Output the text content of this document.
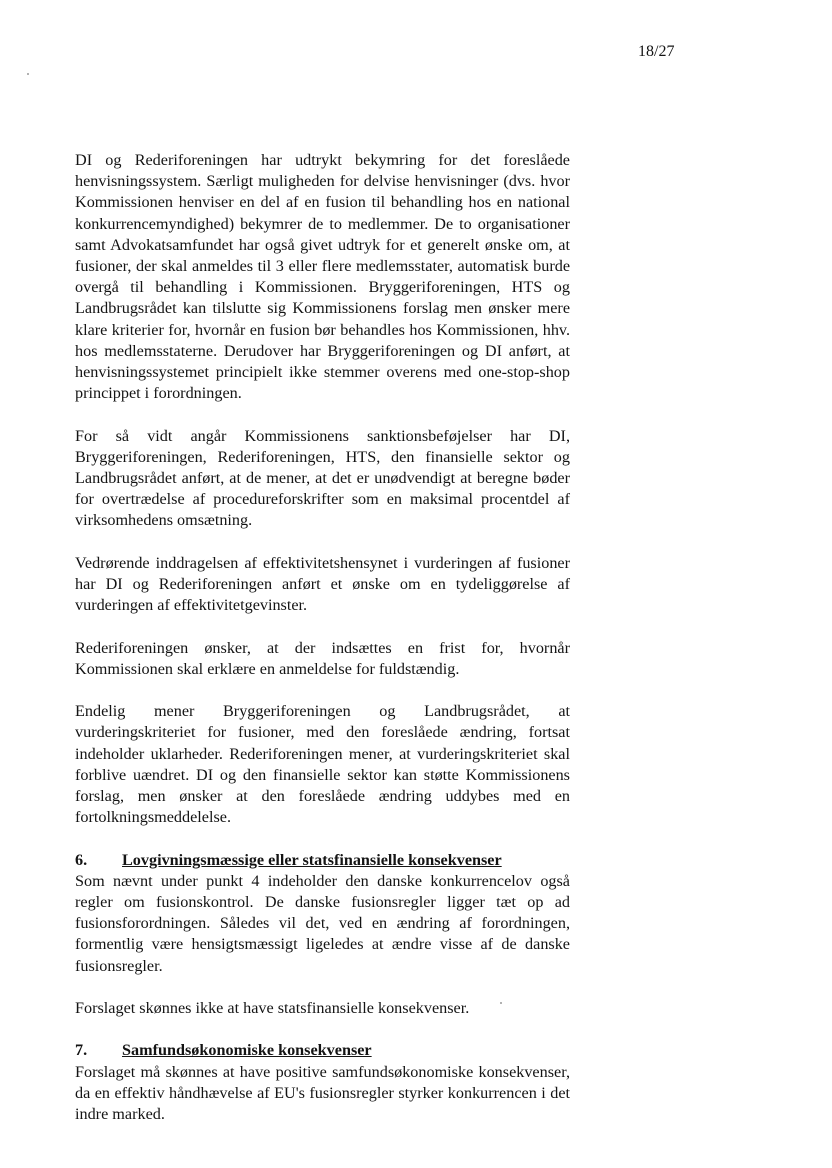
18/27

DI og Rederiforeningen har udtrykt bekymring for det foreslåede henvisningssystem. Særligt muligheden for delvise henvisninger (dvs. hvor Kommissionen henviser en del af en fusion til behandling hos en national konkurrencemyndighed) bekymrer de to medlemmer. De to organisationer samt Advokatsamfundet har også givet udtryk for et generelt ønske om, at fusioner, der skal anmeldes til 3 eller flere medlemsstater, automatisk burde overgå til behandling i Kommissionen. Bryggeriforeningen, HTS og Landbrugsrådet kan tilslutte sig Kommissionens forslag men ønsker mere klare kriterier for, hvornår en fusion bør behandles hos Kommissionen, hhv. hos medlemsstaterne. Derudover har Bryggeriforeningen og DI anført, at henvisningssystemet principielt ikke stemmer overens med one-stop-shop princippet i forordningen.

For så vidt angår Kommissionens sanktionsbeføjelser har DI, Bryggeriforeningen, Rederiforeningen, HTS, den finansielle sektor og Landbrugsrådet anført, at de mener, at det er unødvendigt at beregne bøder for overtrædelse af procedureforskrifter som en maksimal procentdel af virksomhedens omsætning.

Vedrørende inddragelsen af effektivitetshensynet i vurderingen af fusioner har DI og Rederiforeningen anført et ønske om en tydeliggørelse af vurderingen af effektivitetgevinster.

Rederiforeningen ønsker, at der indsættes en frist for, hvornår Kommissionen skal erklære en anmeldelse for fuldstændig.

Endelig mener Bryggeriforeningen og Landbrugsrådet, at vurderingskriteriet for fusioner, med den foreslåede ændring, fortsat indeholder uklarheder. Rederiforeningen mener, at vurderingskriteriet skal forblive uændret. DI og den finansielle sektor kan støtte Kommissionens forslag, men ønsker at den foreslåede ændring uddybes med en fortolkningsmeddelelse.

6.	Lovgivningsmæssige eller statsfinansielle konsekvenser

Som nævnt under punkt 4 indeholder den danske konkurrencelov også regler om fusionskontrol. De danske fusionsregler ligger tæt op ad fusionsforordningen. Således vil det, ved en ændring af forordningen, formentlig være hensigtsmæssigt ligeledes at ændre visse af de danske fusionsregler.

Forslaget skønnes ikke at have statsfinansielle konsekvenser.

7.	Samfundsøkonomiske konsekvenser

Forslaget må skønnes at have positive samfundsøkonomiske konsekvenser, da en effektiv håndhævelse af EU's fusionsregler styrker konkurrencen i det indre marked.
